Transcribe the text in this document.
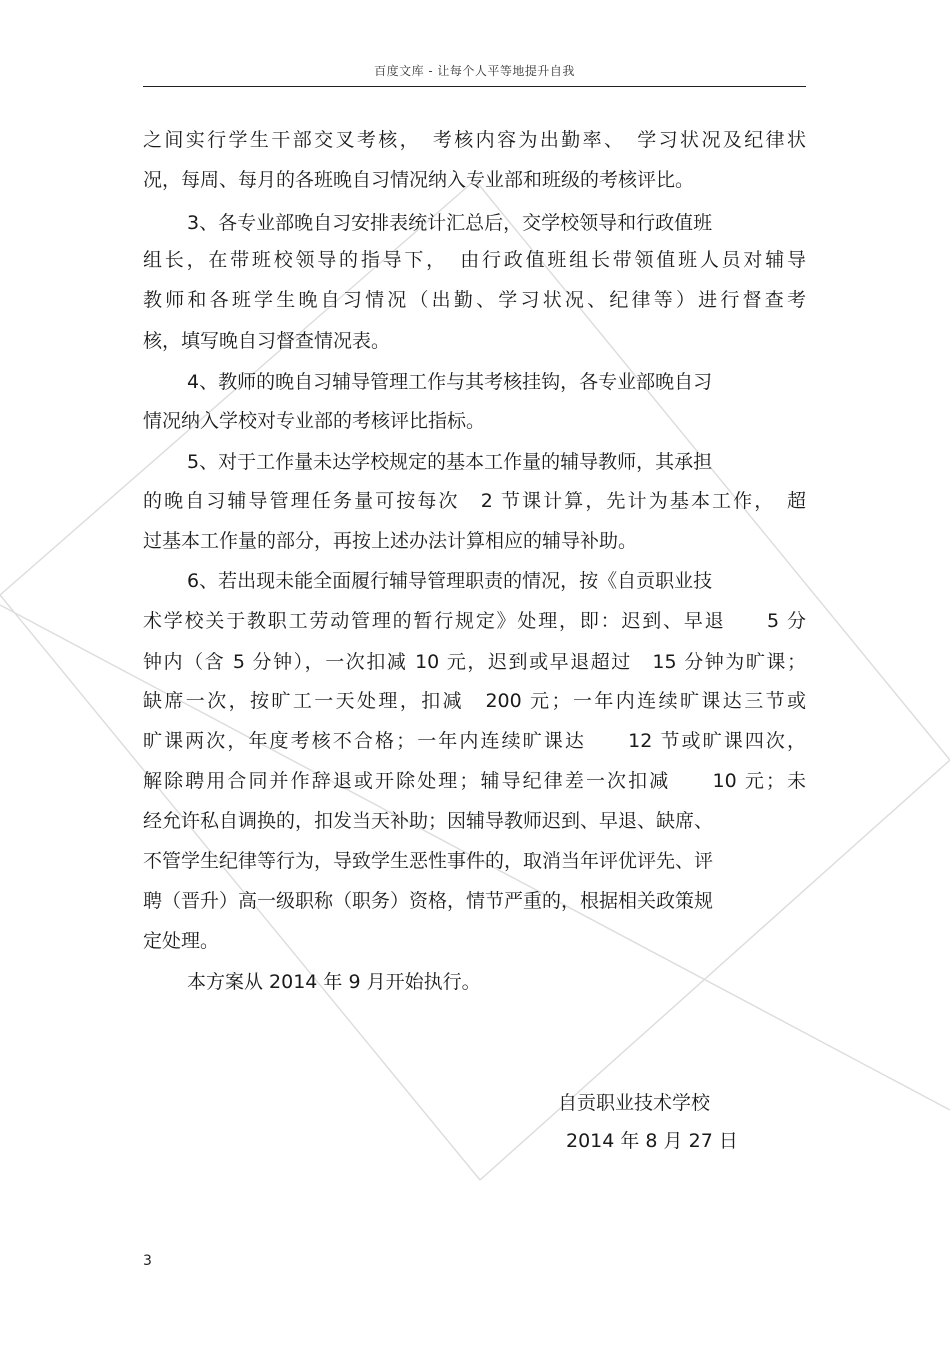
百度文库 - 让每个人平等地提升自我
之间实行学生干部交叉考核，　考核内容为出勤率、　学习状况及纪律状
况，每周、每月的各班晚自习情况纳入专业部和班级的考核评比。
3、各专业部晚自习安排表统计汇总后，交学校领导和行政值班
组长，在带班校领导的指导下，　由行政值班组长带领值班人员对辅导
教师和各班学生晚自习情况（出勤、学习状况、纪律等）进行督查考
核，填写晚自习督查情况表。
4、教师的晚自习辅导管理工作与其考核挂钩，各专业部晚自习
情况纳入学校对专业部的考核评比指标。
5、对于工作量未达学校规定的基本工作量的辅导教师，其承担
的晚自习辅导管理任务量可按每次　2 节课计算，先计为基本工作，　超
过基本工作量的部分，再按上述办法计算相应的辅导补助。
6、若出现未能全面履行辅导管理职责的情况，按《自贡职业技
术学校关于教职工劳动管理的暂行规定》处理，即：迟到、早退　　5 分
钟内（含 5 分钟），一次扣减 10 元，迟到或早退超过　15 分钟为旷课；
缺席一次，按旷工一天处理，扣减　200 元；一年内连续旷课达三节或
旷课两次，年度考核不合格；一年内连续旷课达　　12 节或旷课四次，
解除聘用合同并作辞退或开除处理；辅导纪律差一次扣减　　10 元；未
经允许私自调换的，扣发当天补助；因辅导教师迟到、早退、缺席、
不管学生纪律等行为，导致学生恶性事件的，取消当年评优评先、评
聘（晋升）高一级职称（职务）资格，情节严重的，根据相关政策规
定处理。
本方案从 2014 年 9 月开始执行。
自贡职业技术学校
2014 年 8 月 27 日
3
